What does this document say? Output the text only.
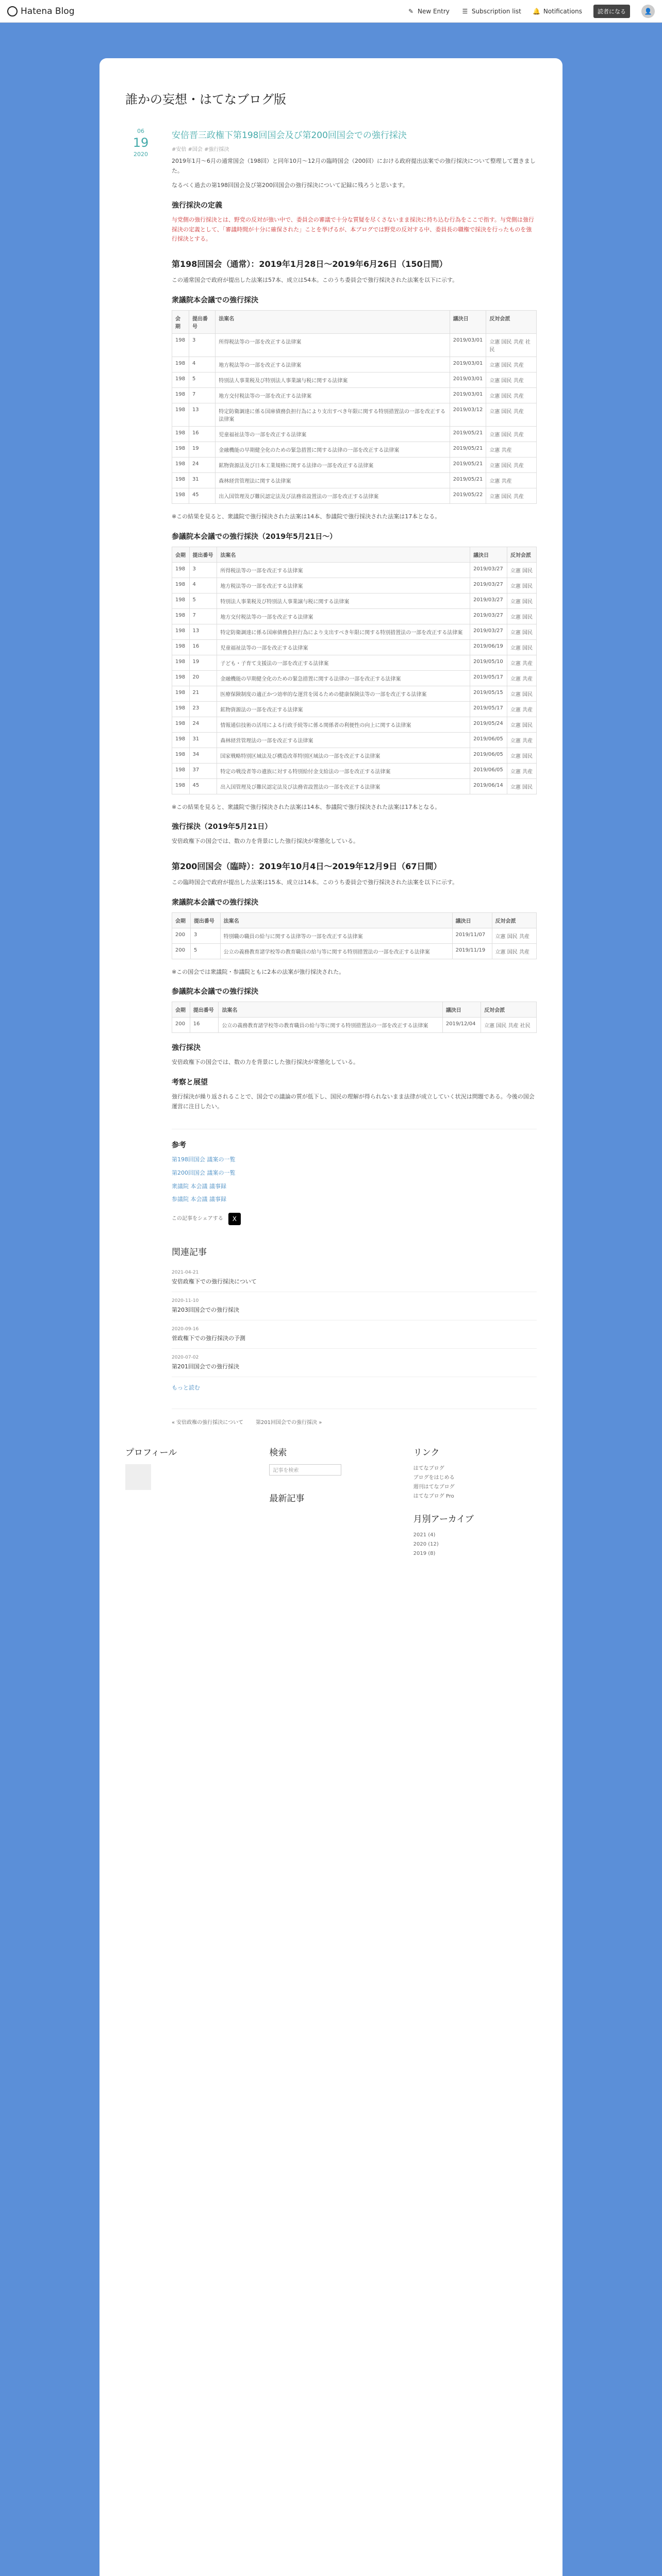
Hatena Blog	✎ New Entry ☰ Subscription list 🔔 Notifications	読者になる	👤
誰かの妄想・はてなブログ版
06
19
2020
安倍晋三政権下第198回国会及び第200回国会での強行採決
#安倍 #国会 #強行採決

2019年1月〜6月の通常国会（198回）と同年10月〜12月の臨時国会（200回）における政府提出法案での強行採決について整理して置きました。

なるべく過去の第198回国会及び第200回国会の強行採決について記録に残ろうと思います。

強行採決の定義

与党側の強行採決とは、野党の反対が強い中で、委員会の審議で十分な質疑を尽くさないまま採決に持ち込む行為をここで指す。与党側は強行採決の定義として、「審議時間が十分に確保された」ことを挙げるが、本ブログでは野党の反対する中、委員長の職権で採決を行ったものを強行採決とする。

第198回国会（通常）：2019年1月28日〜2019年6月26日（150日間）

この通常国会で政府が提出した法案は57本、成立は54本。このうち委員会で強行採決された法案を以下に示す。

衆議院本会議での強行採決
会期	提出番号	法案名	議決日	反対会派
198	3	所得税法等の一部を改正する法律案	2019/03/01	立憲 国民 共産 社民
198	4	地方税法等の一部を改正する法律案	2019/03/01	立憲 国民 共産
198	5	特別法人事業税及び特別法人事業譲与税に関する法律案	2019/03/01	立憲 国民 共産
198	7	地方交付税法等の一部を改正する法律案	2019/03/01	立憲 国民 共産
198	13	特定防衛調達に係る国庫債務負担行為により支出すべき年限に関する特別措置法の一部を改正する法律案	2019/03/12	立憲 国民 共産
198	16	児童福祉法等の一部を改正する法律案	2019/05/21	立憲 国民 共産
198	19	金融機能の早期健全化のための緊急措置に関する法律の一部を改正する法律案	2019/05/21	立憲 共産
198	24	鉱物資源法及び日本工業規格に関する法律の一部を改正する法律案	2019/05/21	立憲 国民 共産
198	31	森林経営管理法に関する法律案	2019/05/21	立憲 共産
198	45	出入国管理及び難民認定法及び法務省設置法の一部を改正する法律案	2019/05/22	立憲 国民 共産

※この結果を見ると、衆議院で強行採決された法案は14本、参議院で強行採決された法案は17本となる。

参議院本会議での強行採決（2019年5月21日〜）
会期	提出番号	法案名	議決日	反対会派
198	3	所得税法等の一部を改正する法律案	2019/03/27	立憲 国民
198	4	地方税法等の一部を改正する法律案	2019/03/27	立憲 国民
198	5	特別法人事業税及び特別法人事業譲与税に関する法律案	2019/03/27	立憲 国民
198	7	地方交付税法等の一部を改正する法律案	2019/03/27	立憲 国民
198	13	特定防衛調達に係る国庫債務負担行為により支出すべき年限に関する特別措置法の一部を改正する法律案	2019/03/27	立憲 国民
198	16	児童福祉法等の一部を改正する法律案	2019/06/19	立憲 国民
198	19	子ども・子育て支援法の一部を改正する法律案	2019/05/10	立憲 共産
198	20	金融機能の早期健全化のための緊急措置に関する法律の一部を改正する法律案	2019/05/17	立憲 共産
198	21	医療保険制度の適正かつ効率的な運営を図るための健康保険法等の一部を改正する法律案	2019/05/15	立憲 国民
198	23	鉱物資源法の一部を改正する法律案	2019/05/17	立憲 共産
198	24	情報通信技術の活用による行政手続等に係る関係者の利便性の向上に関する法律案	2019/05/24	立憲 国民
198	31	森林経営管理法の一部を改正する法律案	2019/06/05	立憲 共産
198	34	国家戦略特別区域法及び構造改革特別区域法の一部を改正する法律案	2019/06/05	立憲 国民
198	37	特定の戦没者等の遺族に対する特別給付金支給法の一部を改正する法律案	2019/06/05	立憲 共産
198	45	出入国管理及び難民認定法及び法務省設置法の一部を改正する法律案	2019/06/14	立憲 国民

※この結果を見ると、衆議院で強行採決された法案は14本、参議院で強行採決された法案は17本となる。

強行採決（2019年5月21日）

安倍政権下の国会では、数の力を背景にした強行採決が常態化している。

第200回国会（臨時）：2019年10月4日〜2019年12月9日（67日間）

この臨時国会で政府が提出した法案は15本、成立は14本。このうち委員会で強行採決された法案を以下に示す。

衆議院本会議での強行採決
会期	提出番号	法案名	議決日	反対会派
200	3	特別職の職員の給与に関する法律等の一部を改正する法律案	2019/11/07	立憲 国民 共産
200	5	公立の義務教育諸学校等の教育職員の給与等に関する特別措置法の一部を改正する法律案	2019/11/19	立憲 国民 共産

※この国会では衆議院・参議院ともに2本の法案が強行採決された。

参議院本会議での強行採決
会期	提出番号	法案名	議決日	反対会派
200	16	公立の義務教育諸学校等の教育職員の給与等に関する特別措置法の一部を改正する法律案	2019/12/04	立憲 国民 共産 社民
強行採決

安倍政権下の国会では、数の力を背景にした強行採決が常態化している。

考察と展望

強行採決が繰り返されることで、国会での議論の質が低下し、国民の理解が得られないまま法律が成立していく状況は問題である。今後の国会運営に注目したい。

参考

第198回国会 議案の一覧

第200回国会 議案の一覧

衆議院 本会議 議事録

参議院 本会議 議事録

この記事をシェアする	X
関連記事
2021-04-21
安倍政権下での強行採決について
2020-11-10
第203回国会での強行採決
2020-09-16
菅政権下での強行採決の予測
2020-07-02
第201回国会での強行採決

もっと読む

« 安倍政権の強行採決について 第201回国会での強行採決 »
プロフィール	検索
記事を検索
最新記事
リンク
はてなブログ
ブログをはじめる
週刊はてなブログ
はてなブログ Pro
月別アーカイブ
2021 (4)
2020 (12)
2019 (8)
